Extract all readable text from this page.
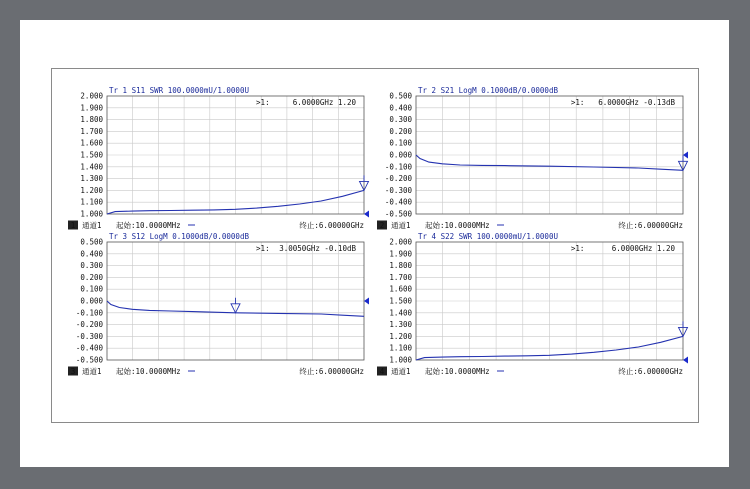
Tr 1 S11 SWR 100.0000mU/1.0000U
2.000
1.900
1.800
1.700
1.600
1.500
1.400
1.300
1.200
1.100
1.000
>1:	6.0000GHz 1.20
1 通道1 起始:10.0000MHz	终止:6.00000GHz
Tr 2 S21 LogM 0.1000dB/0.0000dB
0.500
0.400
0.300
0.200
0.100
0.000
-0.100
-0.200
-0.300
-0.400
-0.500
>1: 6.0000GHz -0.13dB
2 通道1 起始:10.0000MHz	终止:6.00000GHz
Tr 3 S12 LogM 0.1000dB/0.0000dB
0.500
0.400
0.300
0.200
0.100
0.000
-0.100
-0.200
-0.300
-0.400
-0.500
>1: 3.0050GHz -0.10dB
3 通道1 起始:10.0000MHz	终止:6.00000GHz
Tr 4 S22 SWR 100.0000mU/1.0000U
2.000
1.900
1.800
1.700
1.600
1.500
1.400
1.300
1.200
1.100
1.000
>1:	6.0000GHz 1.20
4 通道1 起始:10.0000MHz	终止:6.00000GHz
